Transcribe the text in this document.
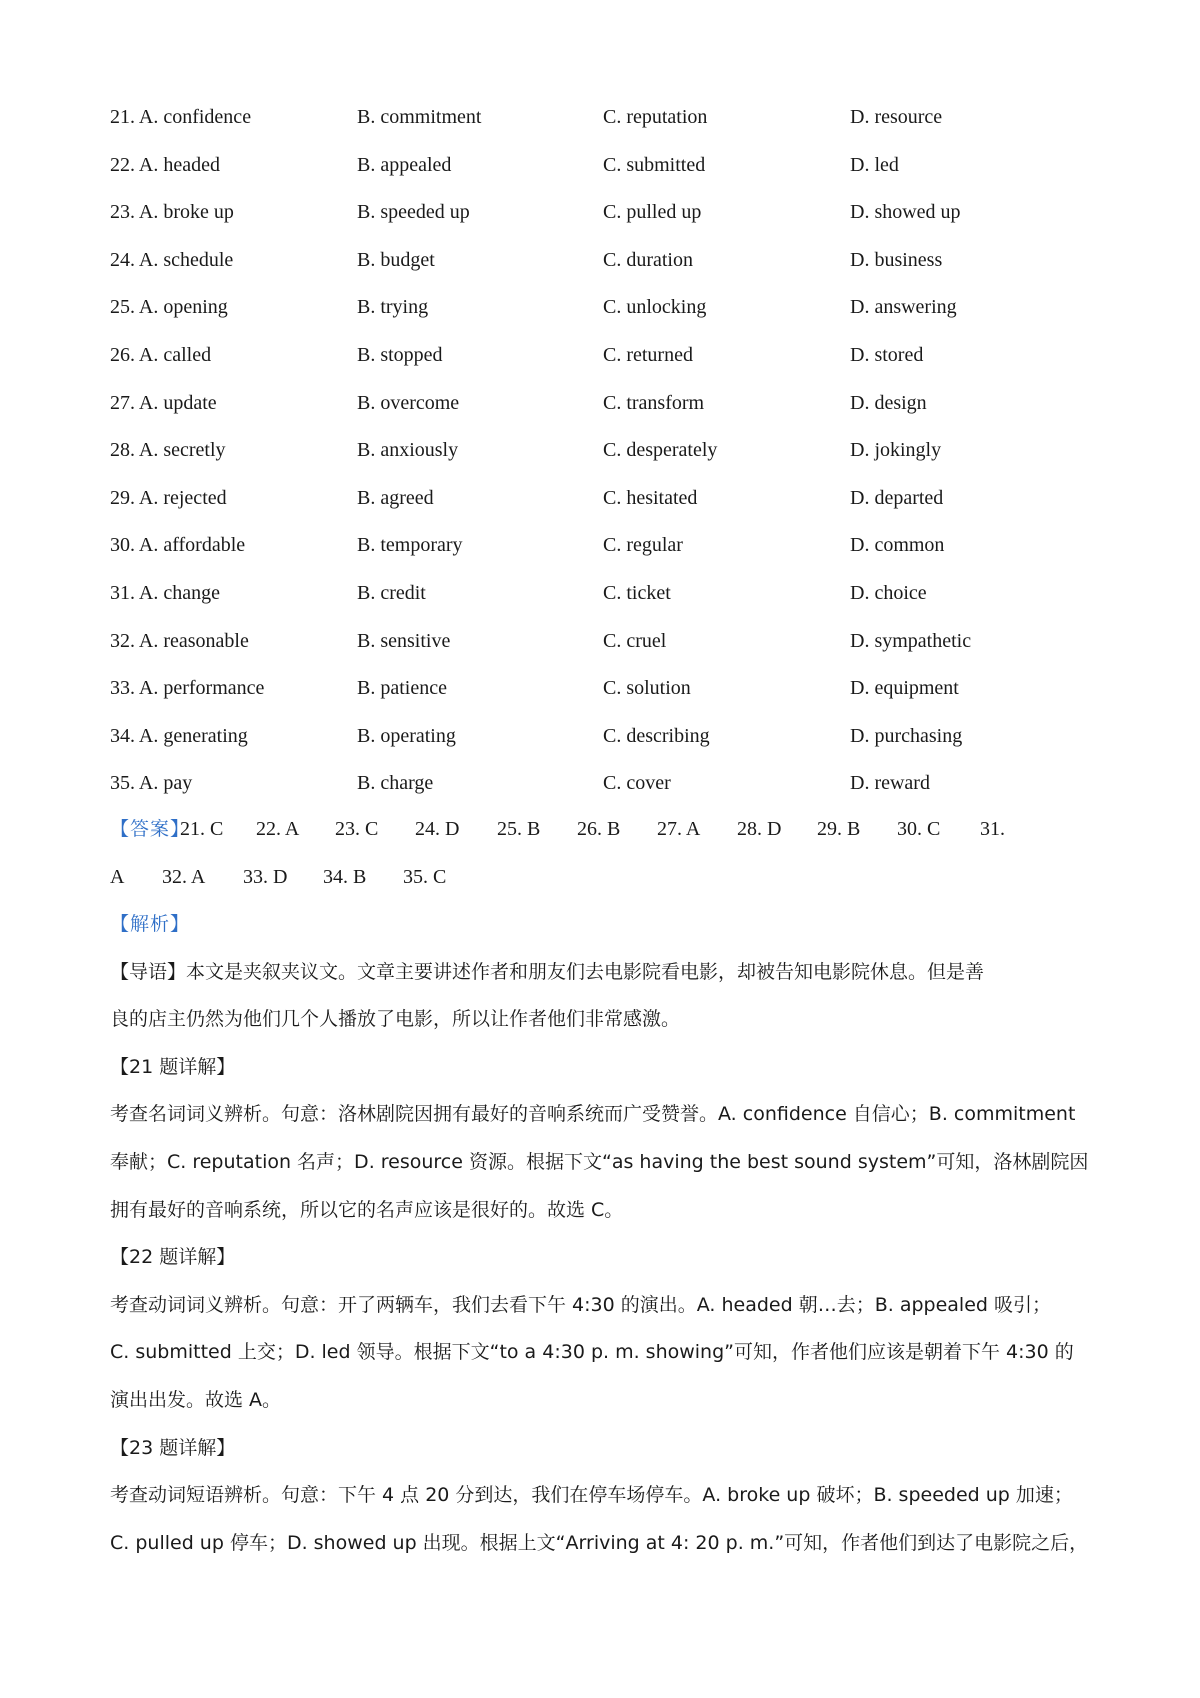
21. A. confidence	B. commitment	C. reputation	D. resource
22. A. headed	B. appealed	C. submitted	D. led
23. A. broke up	B. speeded up	C. pulled up	D. showed up
24. A. schedule	B. budget	C. duration	D. business
25. A. opening	B. trying	C. unlocking	D. answering
26. A. called	B. stopped	C. returned	D. stored
27. A. update	B. overcome	C. transform	D. design
28. A. secretly	B. anxiously	C. desperately	D. jokingly
29. A. rejected	B. agreed	C. hesitated	D. departed
30. A. affordable	B. temporary	C. regular	D. common
31. A. change	B. credit	C. ticket	D. choice
32. A. reasonable	B. sensitive	C. cruel	D. sympathetic
33. A. performance	B. patience	C. solution	D. equipment
34. A. generating	B. operating	C. describing	D. purchasing
35. A. pay	B. charge	C. cover	D. reward
【答案】
21. C 22. A 23. C 24. D 25. B 26. B 27. A 28. D 29. B 30. C 31.
A 32. A 33. D 34. B 35. C
【解析】
【导语】本文是夹叙夹议文。文章主要讲述作者和朋友们去电影院看电影，却被告知电影院休息。但是善
良的店主仍然为他们几个人播放了电影，所以让作者他们非常感激。
【21 题详解】
考查名词词义辨析。句意：洛林剧院因拥有最好的音响系统而广受赞誉。A. confidence 自信心；B. commitment
奉献；C. reputation 名声；D. resource 资源。根据下文“as having the best sound system”可知，洛林剧院因
拥有最好的音响系统，所以它的名声应该是很好的。故选 C。
【22 题详解】
考查动词词义辨析。句意：开了两辆车，我们去看下午 4:30 的演出。A. headed 朝…去；B. appealed 吸引；
C. submitted 上交；D. led 领导。根据下文“to a 4:30 p. m. showing”可知，作者他们应该是朝着下午 4:30 的
演出出发。故选 A。
【23 题详解】
考查动词短语辨析。句意：下午 4 点 20 分到达，我们在停车场停车。A. broke up 破坏；B. speeded up 加速；
C. pulled up 停车；D. showed up 出现。根据上文“Arriving at 4: 20 p. m.”可知，作者他们到达了电影院之后，
